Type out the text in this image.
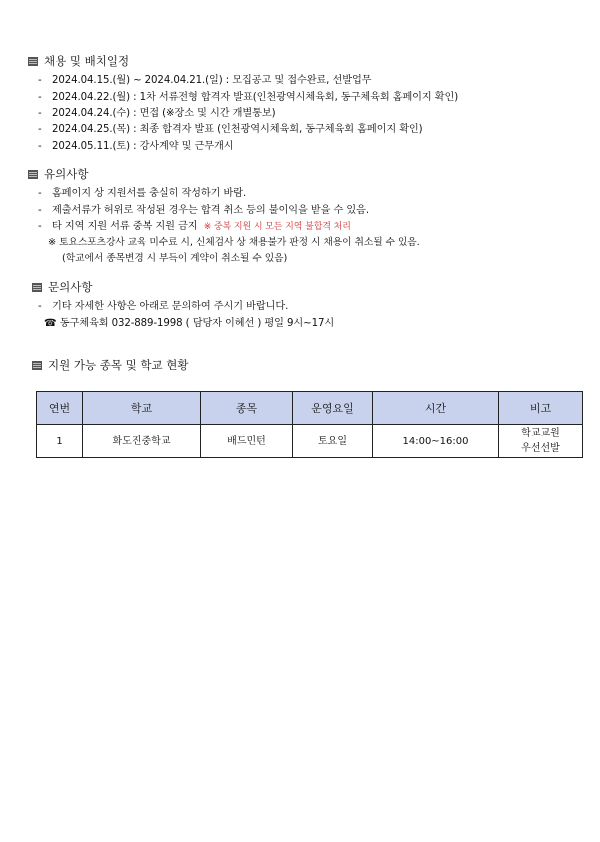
채용 및 배치일정
- 2024.04.15.(월) ~ 2024.04.21.(일) : 모집공고 및 접수완료, 선발업무
- 2024.04.22.(월) : 1차 서류전형 합격자 발표(인천광역시체육회, 동구체육회 홈페이지 확인)
- 2024.04.24.(수) : 면접 (※장소 및 시간 개별통보)
- 2024.04.25.(목) : 최종 합격자 발표 (인천광역시체육회, 동구체육회 홈페이지 확인)
- 2024.05.11.(토) : 강사계약 및 근무개시
유의사항
- 홈페이지 상 지원서를 충실히 작성하기 바람.
- 제출서류가 허위로 작성된 경우는 합격 취소 등의 불이익을 받을 수 있음.
- 타 지역 지원 서류 중복 지원 금지 ※ 중복 지원 시 모든 지역 불합격 처리
※ 토요스포츠강사 교육 미수료 시, 신체검사 상 채용불가 판정 시 채용이 취소될 수 있음.
(학교에서 종목변경 시 부득이 계약이 취소될 수 있음)
문의사항
- 기타 자세한 사항은 아래로 문의하여 주시기 바랍니다.
☎ 동구체육회 032-889-1998 ( 담당자 이혜선 ) 평일 9시~17시
지원 가능 종목 및 학교 현황
연번	학교	종목	운영요일	시간	비고
1	화도진중학교	배드민턴	토요일	14:00~16:00	학교교원
우선선발
